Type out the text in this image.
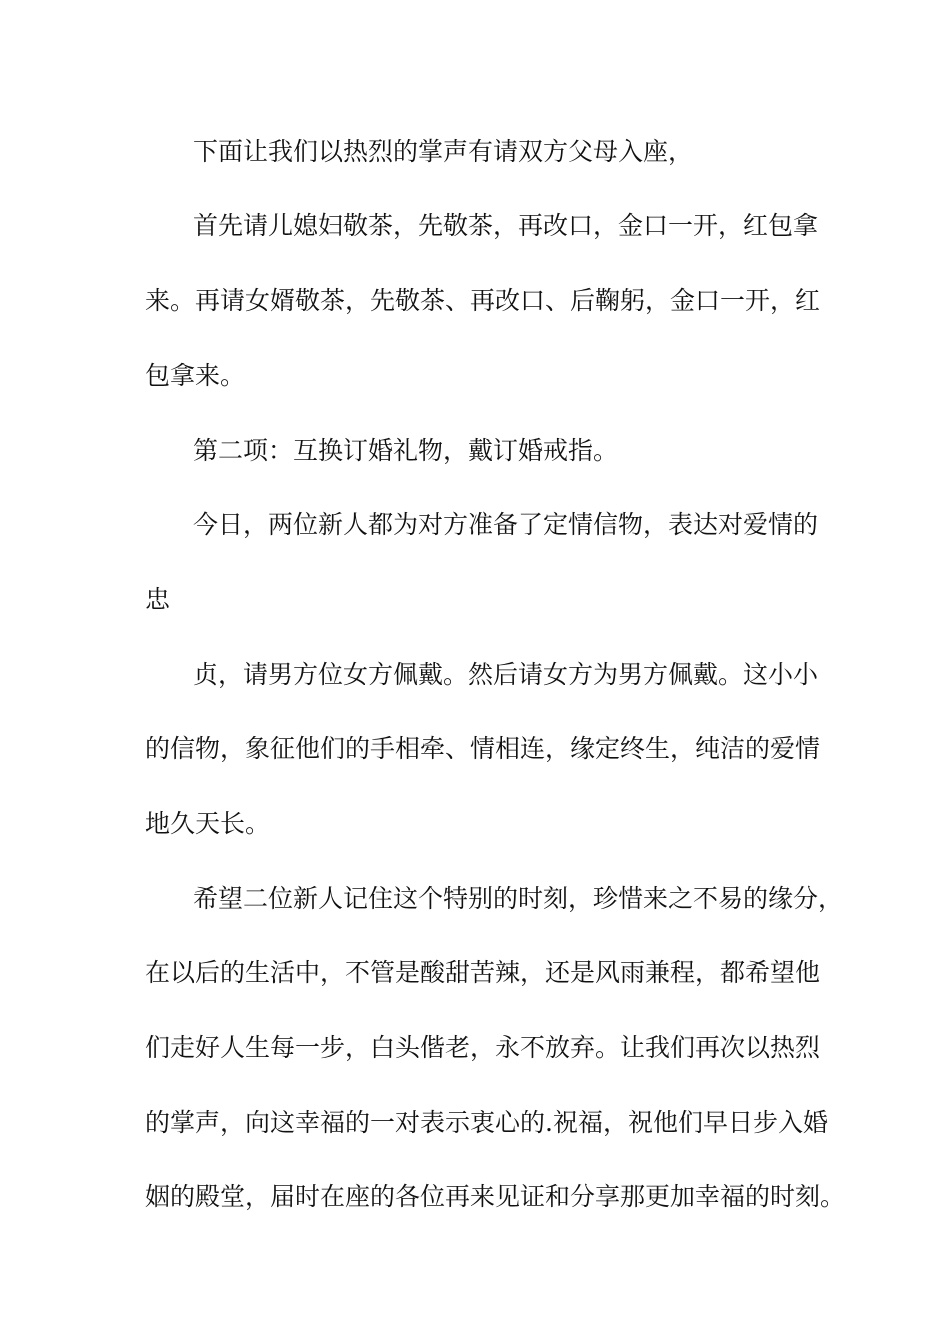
下面让我们以热烈的掌声有请双方父母入座，
首先请儿媳妇敬茶，先敬茶，再改口，金口一开，红包拿
来。再请女婿敬茶，先敬茶、再改口、后鞠躬，金口一开，红
包拿来。
第二项：互换订婚礼物，戴订婚戒指。
今日，两位新人都为对方准备了定情信物，表达对爱情的
忠
贞，请男方位女方佩戴。然后请女方为男方佩戴。这小小
的信物，象征他们的手相牵、情相连，缘定终生，纯洁的爱情
地久天长。
希望二位新人记住这个特别的时刻，珍惜来之不易的缘分，
在以后的生活中，不管是酸甜苦辣，还是风雨兼程，都希望他
们走好人生每一步，白头偕老，永不放弃。让我们再次以热烈
的掌声，向这幸福的一对表示衷心的.祝福，祝他们早日步入婚
姻的殿堂，届时在座的各位再来见证和分享那更加幸福的时刻。
